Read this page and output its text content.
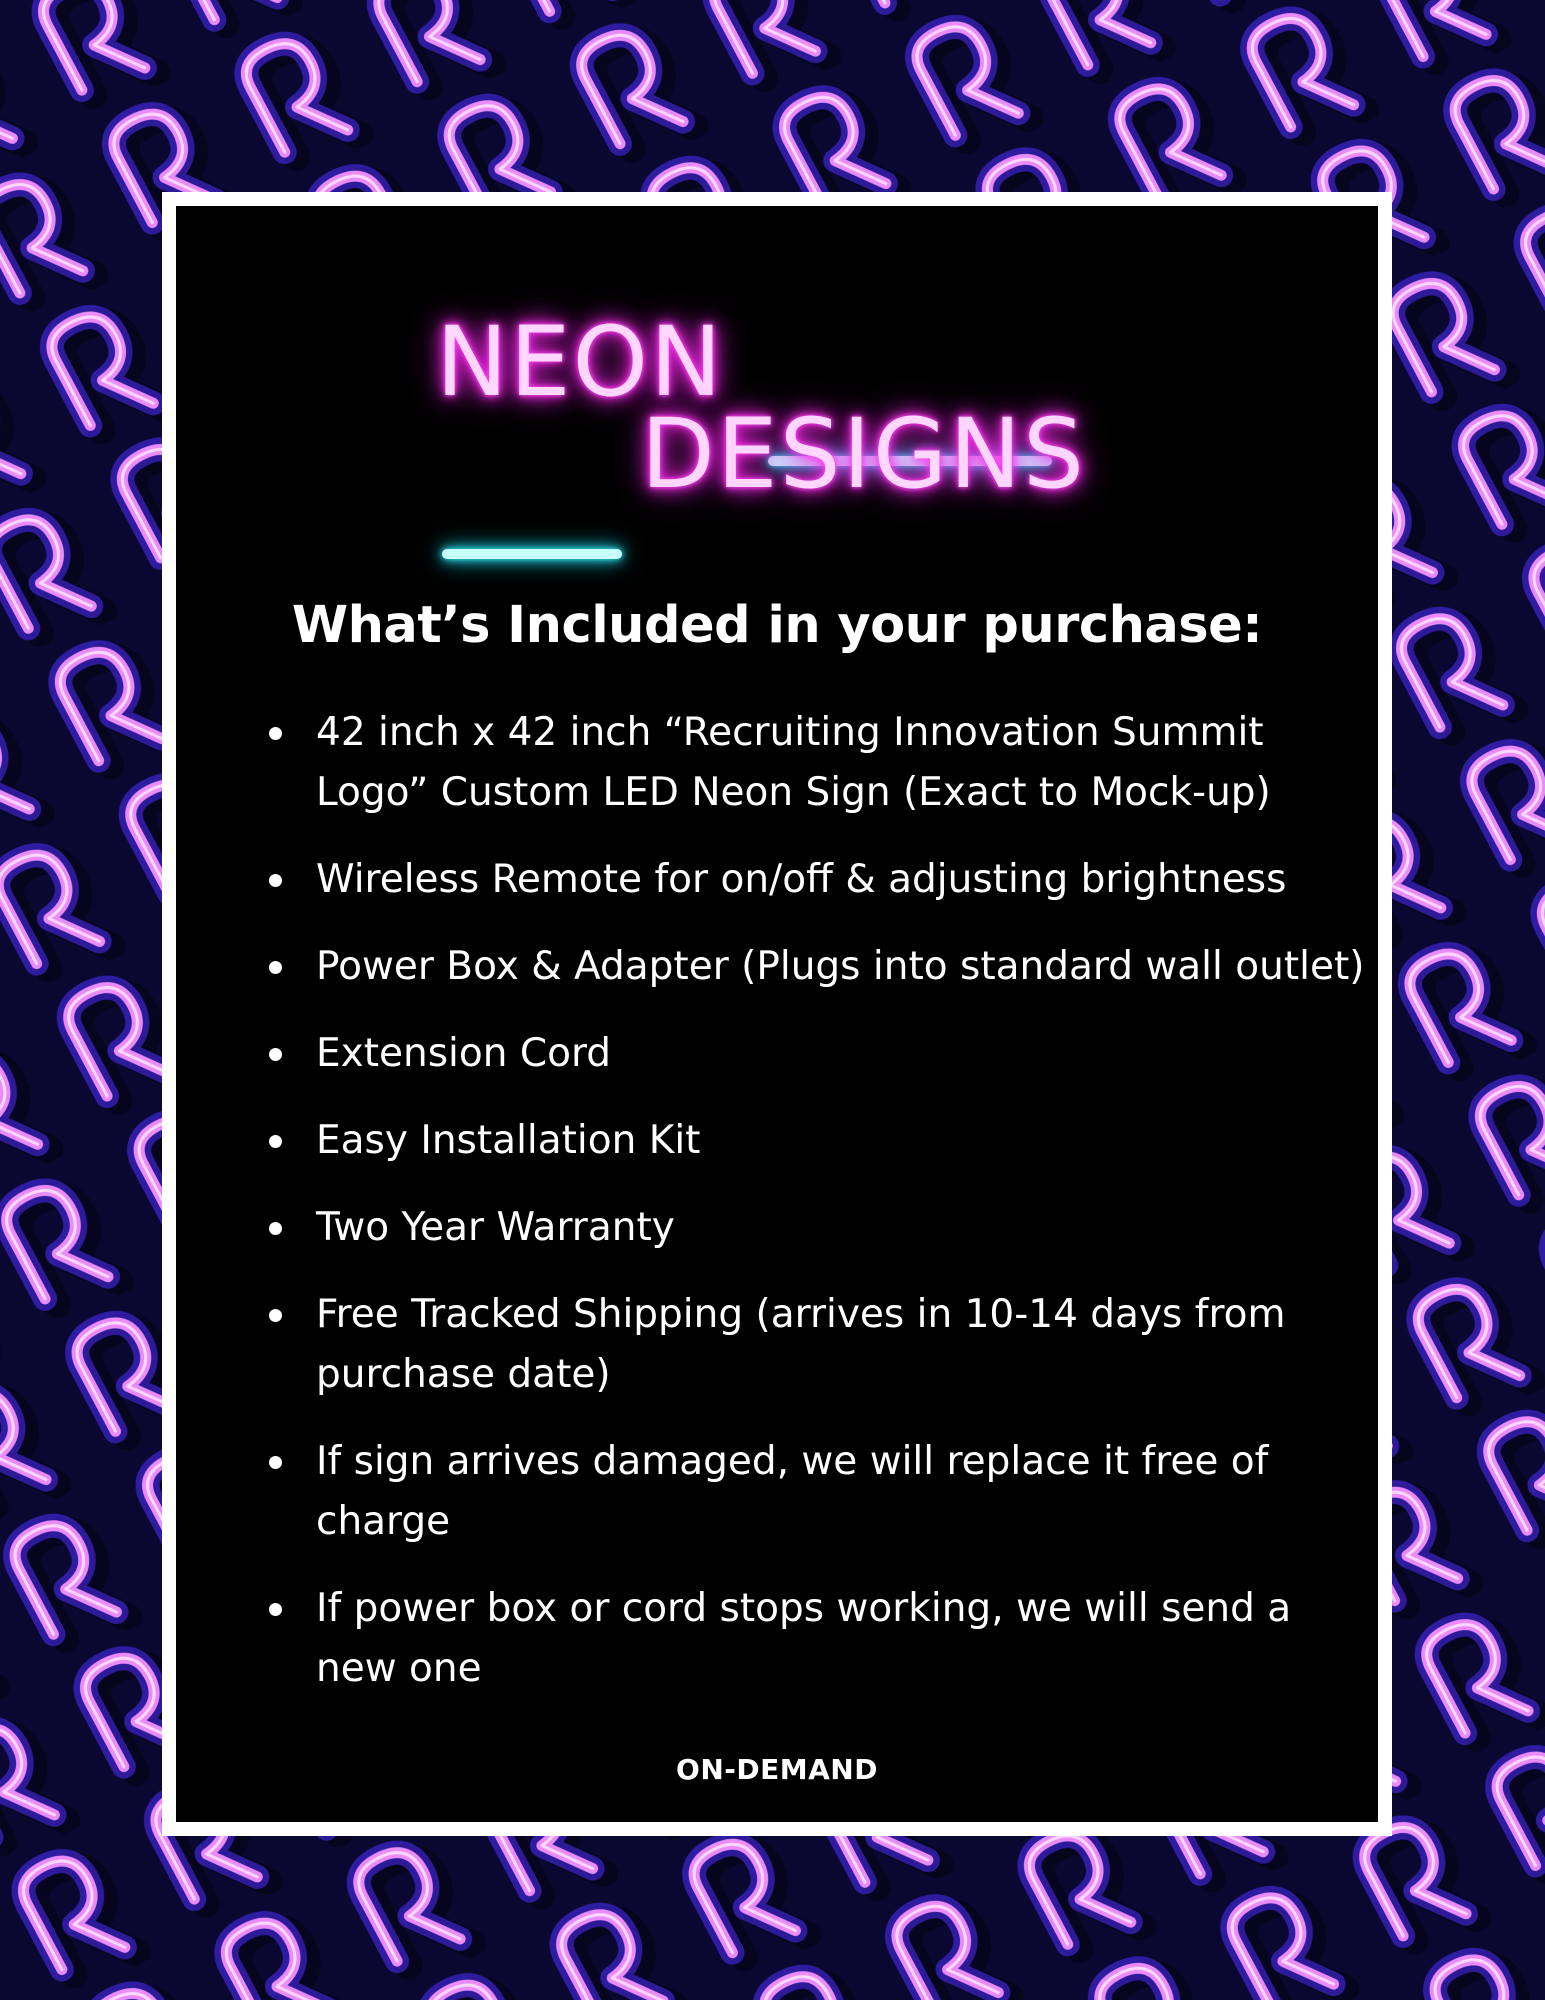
NEON
DESIGNS
What’s Included in your purchase:
42 inch x 42 inch “Recruiting Innovation Summit Logo” Custom LED Neon Sign (Exact to Mock-up)
Wireless Remote for on/off & adjusting brightness
Power Box & Adapter (Plugs into standard wall outlet)
Extension Cord
Easy Installation Kit
Two Year Warranty
Free Tracked Shipping (arrives in 10-14 days from purchase date)
If sign arrives damaged, we will replace it free of charge
If power box or cord stops working, we will send a new one
ON-DEMAND
